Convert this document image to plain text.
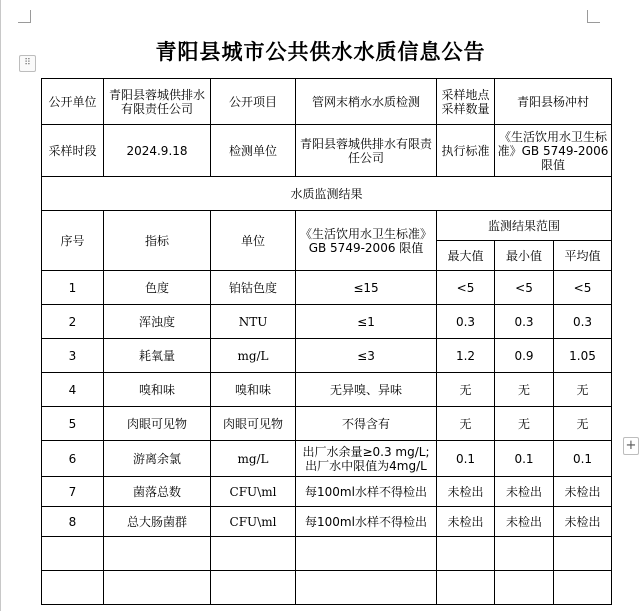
⠿
+
青阳县城市公共供水水质信息公告
公开单位	青阳县蓉城供排水有限责任公司	公开项目	管网末梢水水质检测	采样地点采样数量	青阳县杨冲村	
采样时段	2024.9.18	检测单位	青阳县蓉城供排水有限责任公司	执行标准	《生活饮用水卫生标准》GB 5749-2006 限值	
水质监测结果						
序号	指标	单位	《生活饮用水卫生标准》GB 5749-2006 限值	监测结果范围		
				最大值	最小值	平均值
1	色度	铂钴色度	≤15	<5	<5	<5
2	浑浊度	NTU	≤1	0.3	0.3	0.3
3	耗氧量	mg/L	≤3	1.2	0.9	1.05
4	嗅和味	嗅和味	无异嗅、异味	无	无	无
5	肉眼可见物	肉眼可见物	不得含有	无	无	无
6	游离余氯	mg/L	出厂水余量≥0.3 mg/L;出厂水中限值为4mg/L	0.1	0.1	0.1
7	菌落总数	CFU\ml	每100ml水样不得检出	未检出	未检出	未检出
8	总大肠菌群	CFU\ml	每100ml水样不得检出	未检出	未检出	未检出
